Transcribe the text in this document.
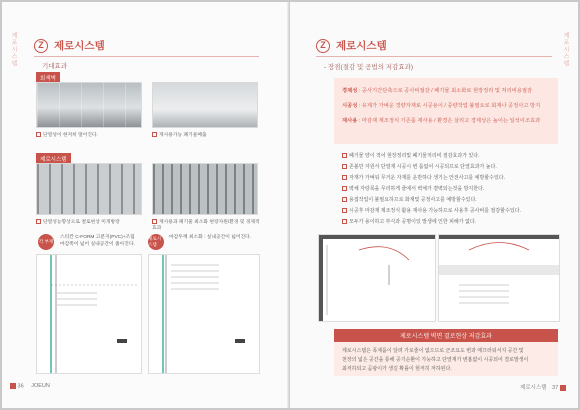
제로시스템	Z 제로시스템
기대효과
회색벽
단열성이 현저히 떨어진다.	재사용가능 폐기물배출
제로시스템
단열성능향상으로 결로현상 미개방장	재사용과 폐기물 최소화 현장자원/환경 및 경제적 효과
각 부재
스티칸 C-FORM 고분지(PVC)+조립
마감쪽이 넓어 실내공간이 좁아진다.
제로시스템
마감두께 최소화 : 실내공간이 넓어진다.
36 JOEUN
제로시스템
Z 제로시스템
- 장점(절감 및 공법의 저감효과)
경제성 : 공사기간단축으로 공사비절감 / 폐기물 최소화로 현장정리 및 처리비용절감
시공성 : 유제가 가벼운 경량자재로 시공용이 / 중량작업 불필요로 회재나 공정사고 방지
재사용 : 마감재 제조정식 기존품 재사용 / 환경은 살리고 경제성은 높이는 일석이조효과
폐기물 양이 적어 현장정리및 폐기물처리비 절감효과가 있다.
존볼만 자원서 단열재 시공시 변 롬없어 시공되므로 단열효과가 높다.
자재가 가벼워 무거운 자재를 운반하다 생기는 안전사고를 예방할수있다.
벽체 자랑목을 무리하게 줄에서 벽체가 곁벽되는것을 방지한다.
용접작업이 불필요하므로 화재및 공정사고를 예방할수있다.
시공후 마감재 제조정식 활용 재사용 가능하므로 사용후 공사비를 절감할수있다.
모두가 용이하고 부식과 공명이있 발생에 인한 피해가 없다.
제로시스템 벽면 결로현상 저감효과
제로시스템은 폭제품이 달려 가로줄이 없으므로 군조요도 변과 매끄러워서지 공간 및
천장의 넓은 공간을 통해 공기순환이 가능하고 단열재가 변홈없이 시공되어 결로발생이
최저하되고 곰팡이가 생길 확률이 현저히 저하된다.
제로시스템 37
